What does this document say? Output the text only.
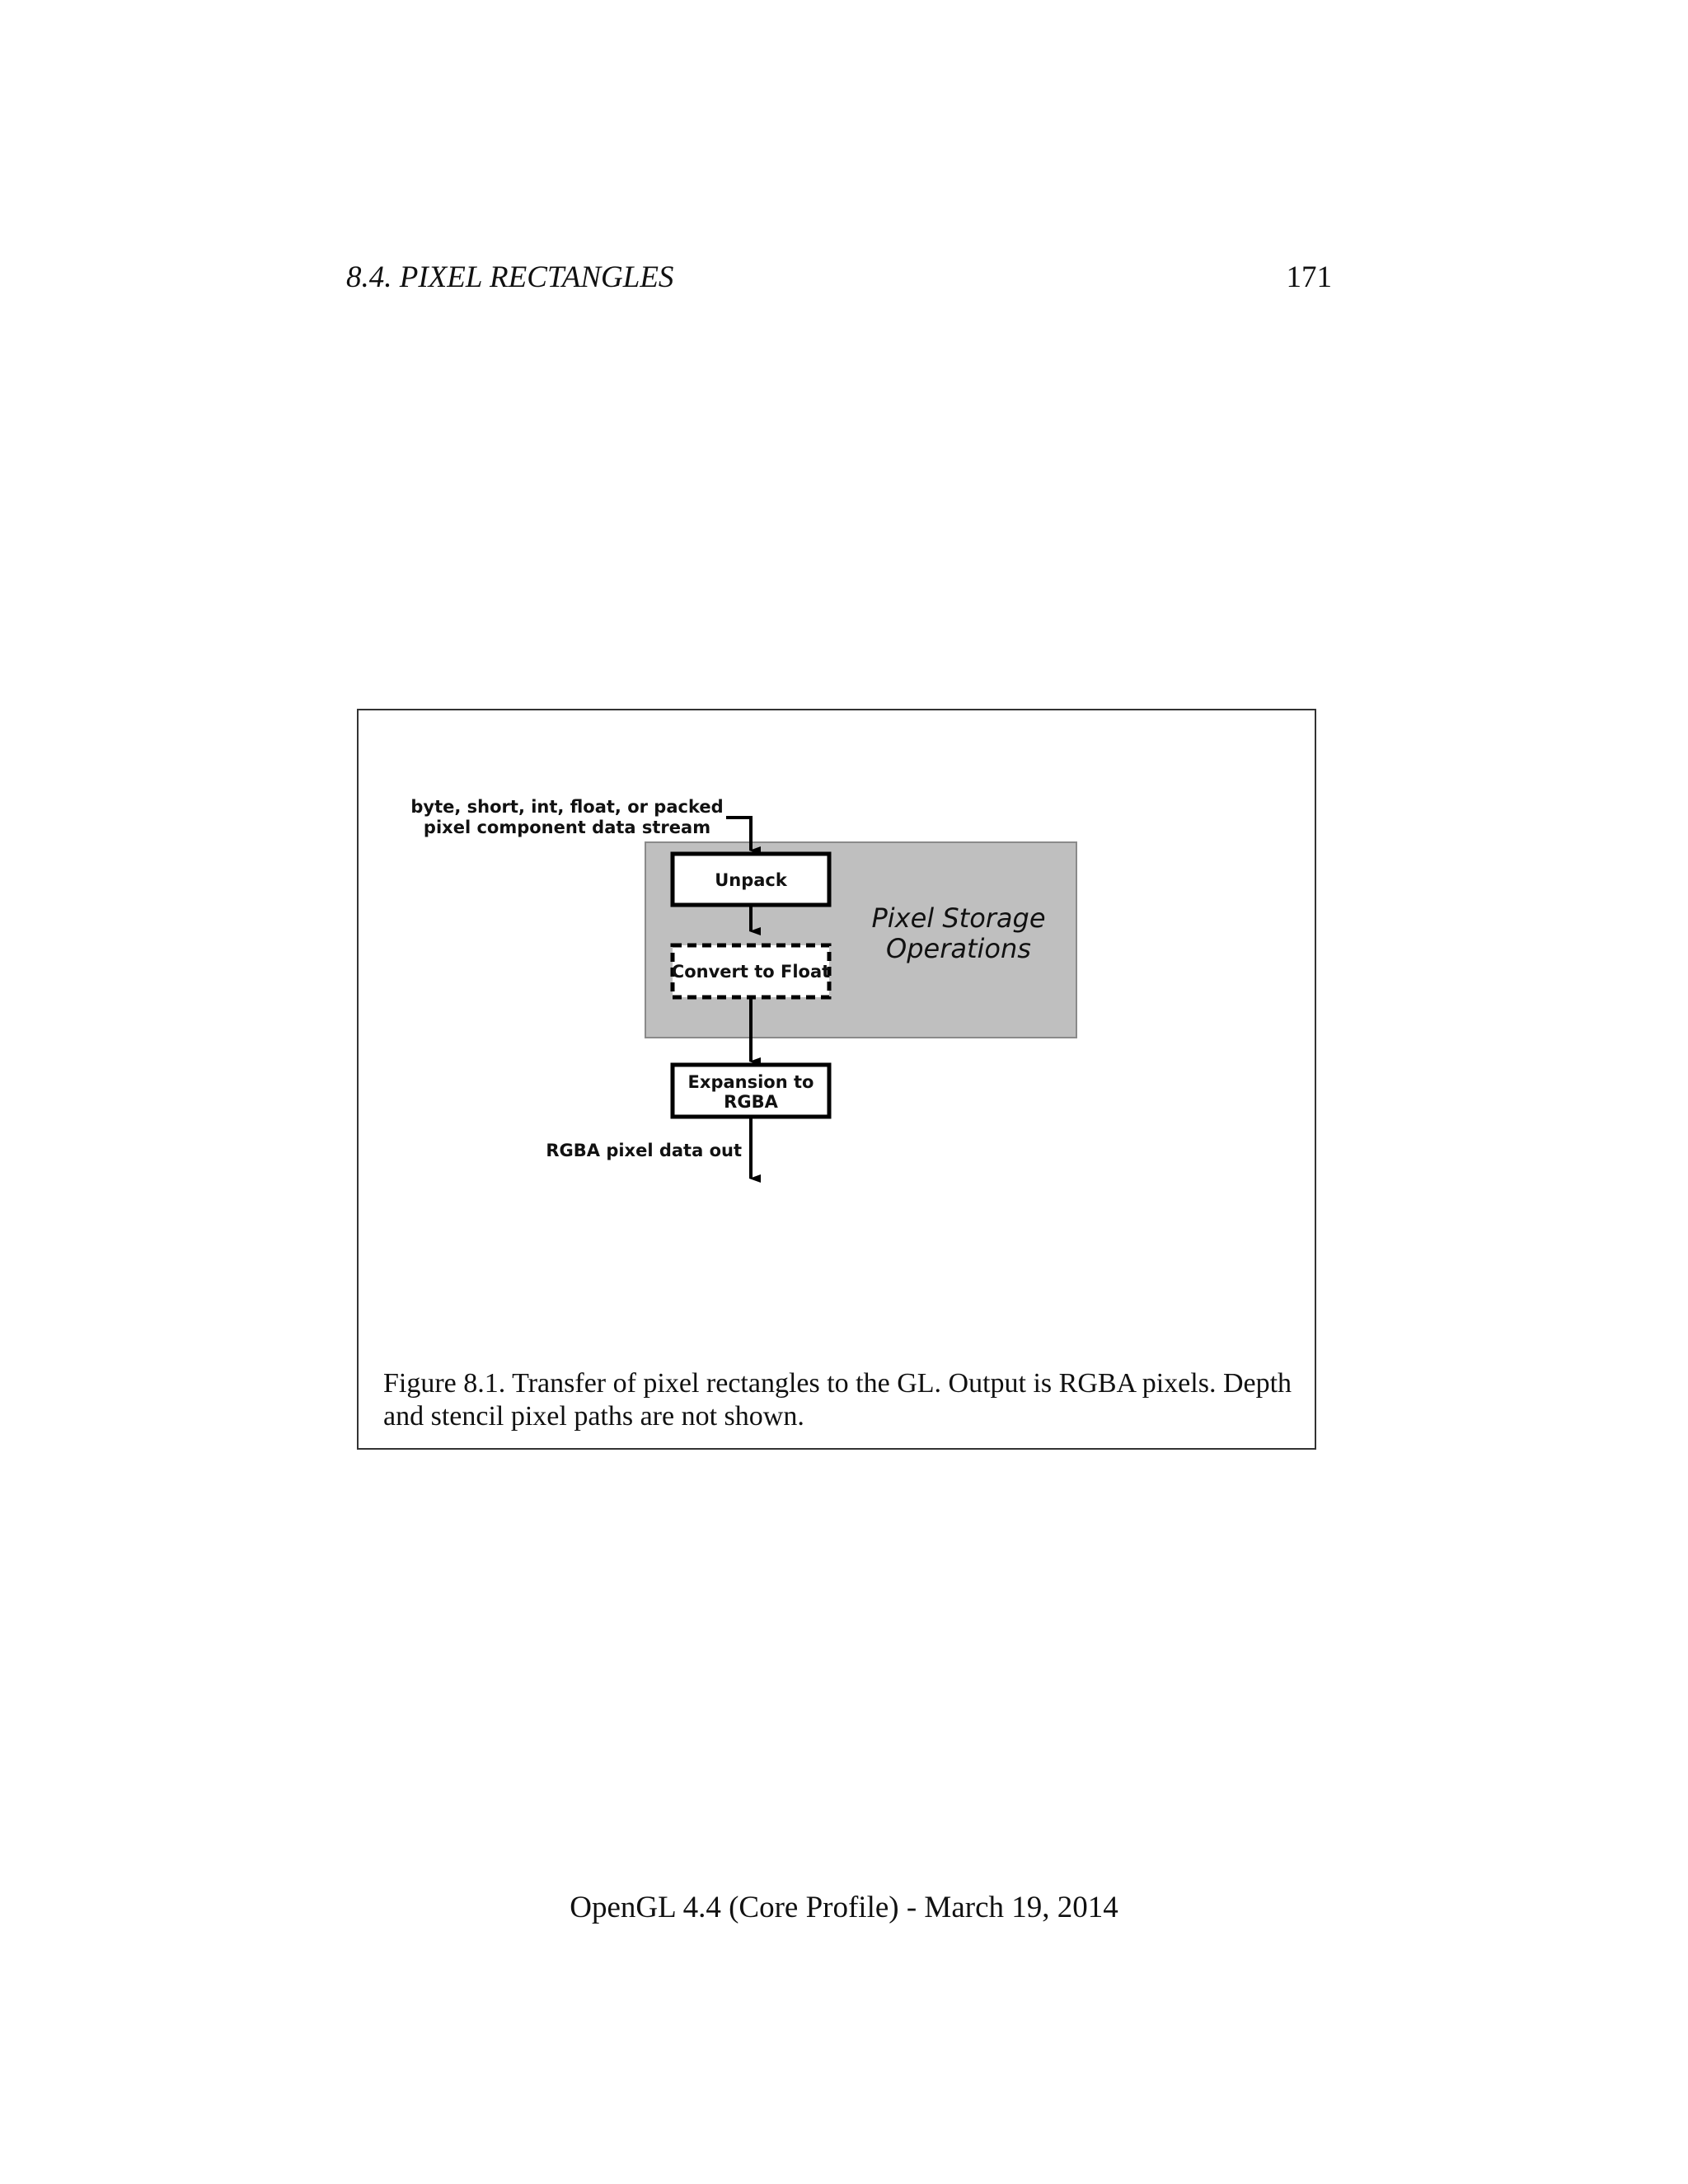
8.4. PIXEL RECTANGLES	171
byte, short, int, float, or packed
pixel component data stream
Unpack
Convert to Float
Pixel Storage
Operations
Expansion to
RGBA
RGBA pixel data out
Figure 8.1. Transfer of pixel rectangles to the GL. Output is RGBA pixels. Depth and stencil pixel paths are not shown.
OpenGL 4.4 (Core Profile) - March 19, 2014
